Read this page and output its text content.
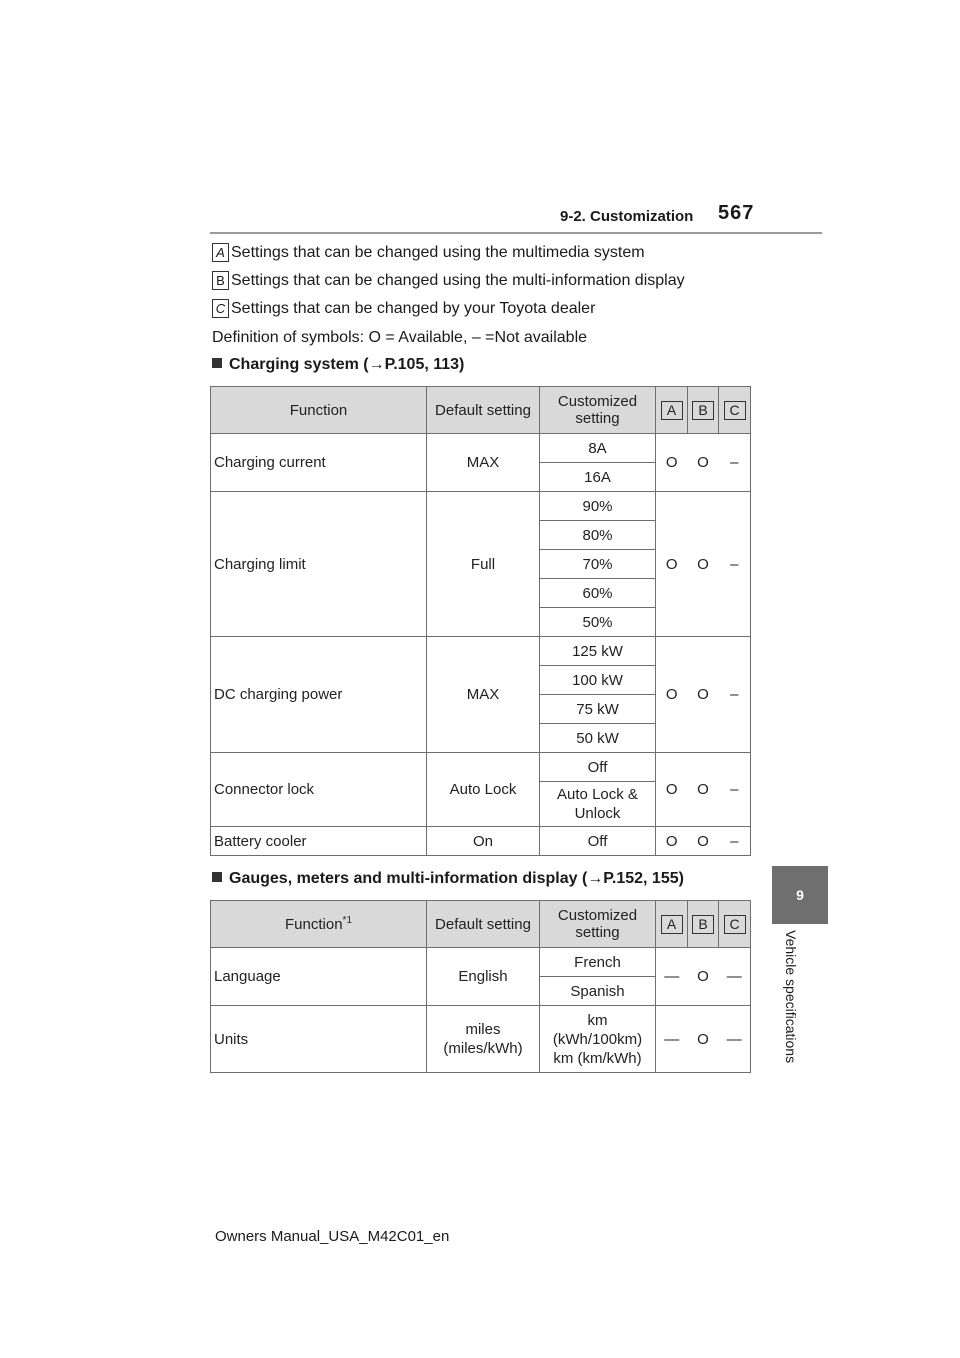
9-2. Customization 567
A Settings that can be changed using the multimedia system
B Settings that can be changed using the multi-information display
C Settings that can be changed by your Toyota dealer
Definition of symbols: O = Available, – =Not available
Charging system (→P.105, 113)
Function	Default setting	Customized setting	A	B	C
Charging current	MAX	8A	O	O	–
		16A			
Charging limit	Full	90%	O	O	–
		80%			
		70%			
		60%			
		50%			
DC charging power	MAX	125 kW	O	O	–
		100 kW			
		75 kW			
		50 kW			
Connector lock	Auto Lock	Off	O	O	–
		Auto Lock & Unlock			
Battery cooler	On	Off	O	O	–
Gauges, meters and multi-information display (→P.152, 155)
Function$^{*1}$	Default setting	Customized setting	A	B	C
Language	English	French	—	O	—
		Spanish			
Units	miles (miles/kWh)	km (kWh/100km) km (km/kWh)	—	O	—
9
Vehicle specifications
Owners Manual_USA_M42C01_en
